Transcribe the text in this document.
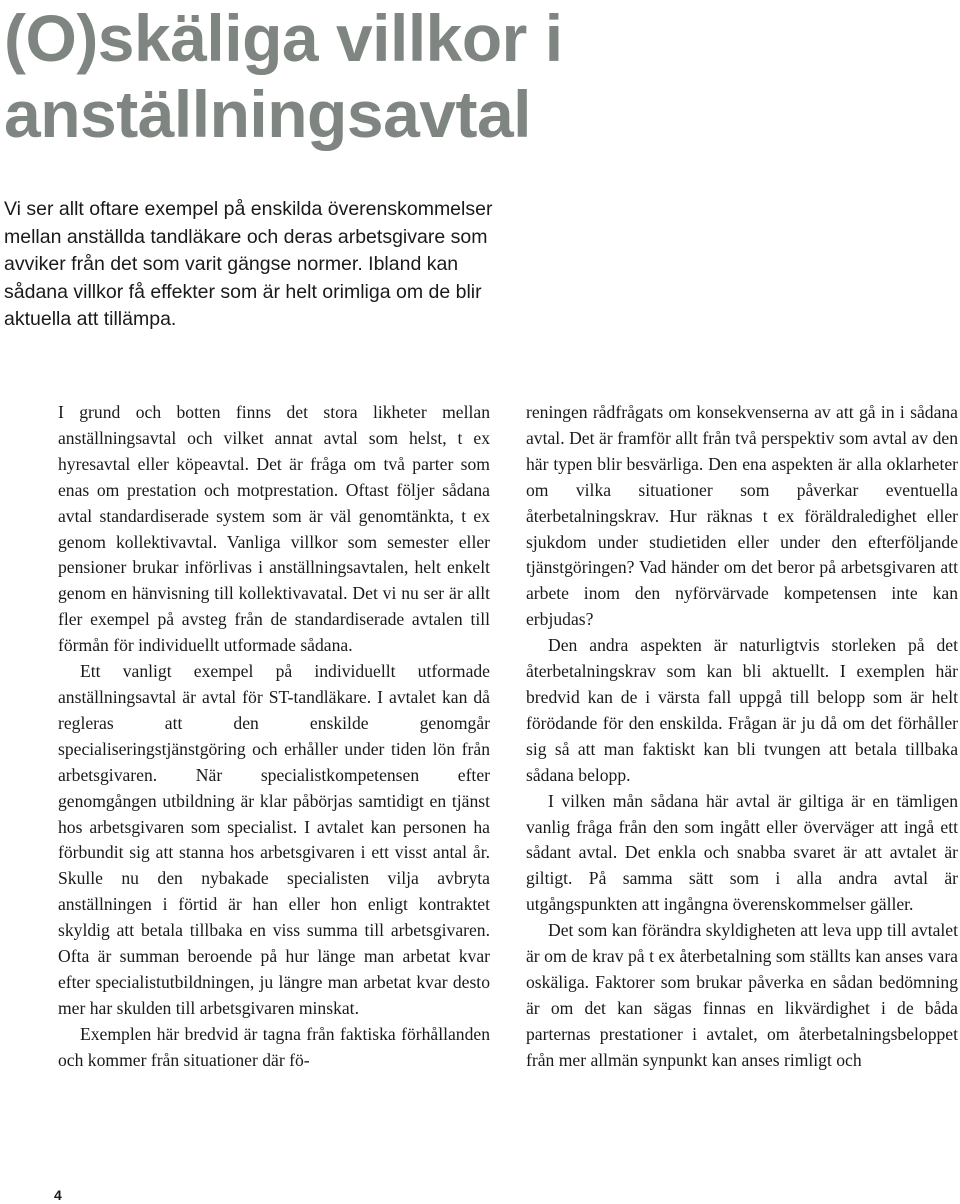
(O)skäliga villkor i anställningsavtal

Vi ser allt oftare exempel på enskilda överenskommelser mellan anställda tandläkare och deras arbetsgivare som avviker från det som varit gängse normer. Ibland kan sådana villkor få effekter som är helt orimliga om de blir aktuella att tillämpa.

I grund och botten finns det stora likheter mellan anställningsavtal och vilket annat avtal som helst, t ex hyresavtal eller köpeavtal. Det är fråga om två parter som enas om prestation och motprestation. Oftast följer sådana avtal standardiserade system som är väl genomtänkta, t ex genom kollektivavtal. Vanliga villkor som semester eller pensioner brukar införlivas i anställningsavtalen, helt enkelt genom en hänvisning till kollektivavatal. Det vi nu ser är allt fler exempel på avsteg från de standardiserade avtalen till förmån för individuellt utformade sådana.

Ett vanligt exempel på individuellt utformade anställningsavtal är avtal för ST-tandläkare. I avtalet kan då regleras att den enskilde genomgår specialiseringstjänstgöring och erhåller under tiden lön från arbetsgivaren. När specialistkompetensen efter genomgången utbildning är klar påbörjas samtidigt en tjänst hos arbetsgivaren som specialist. I avtalet kan personen ha förbundit sig att stanna hos arbetsgivaren i ett visst antal år. Skulle nu den nybakade specialisten vilja avbryta anställningen i förtid är han eller hon enligt kontraktet skyldig att betala tillbaka en viss summa till arbetsgivaren. Ofta är summan beroende på hur länge man arbetat kvar efter specialistutbildningen, ju längre man arbetat kvar desto mer har skulden till arbetsgivaren minskat.

Exemplen här bredvid är tagna från faktiska förhållanden och kommer från situationer där fö-

reningen rådfrågats om konsekvenserna av att gå in i sådana avtal. Det är framför allt från två perspektiv som avtal av den här typen blir besvärliga. Den ena aspekten är alla oklarheter om vilka situationer som påverkar eventuella återbetalningskrav. Hur räknas t ex föräldraledighet eller sjukdom under studietiden eller under den efterföljande tjänstgöringen? Vad händer om det beror på arbetsgivaren att arbete inom den nyförvärvade kompetensen inte kan erbjudas?

Den andra aspekten är naturligtvis storleken på det återbetalningskrav som kan bli aktuellt. I exemplen här bredvid kan de i värsta fall uppgå till belopp som är helt förödande för den enskilda. Frågan är ju då om det förhåller sig så att man faktiskt kan bli tvungen att betala tillbaka sådana belopp.

I vilken mån sådana här avtal är giltiga är en tämligen vanlig fråga från den som ingått eller överväger att ingå ett sådant avtal. Det enkla och snabba svaret är att avtalet är giltigt. På samma sätt som i alla andra avtal är utgångspunkten att ingångna överenskommelser gäller.

Det som kan förändra skyldigheten att leva upp till avtalet är om de krav på t ex återbetalning som ställts kan anses vara oskäliga. Faktorer som brukar påverka en sådan bedömning är om det kan sägas finnas en likvärdighet i de båda parternas prestationer i avtalet, om återbetalningsbeloppet från mer allmän synpunkt kan anses rimligt och

4
